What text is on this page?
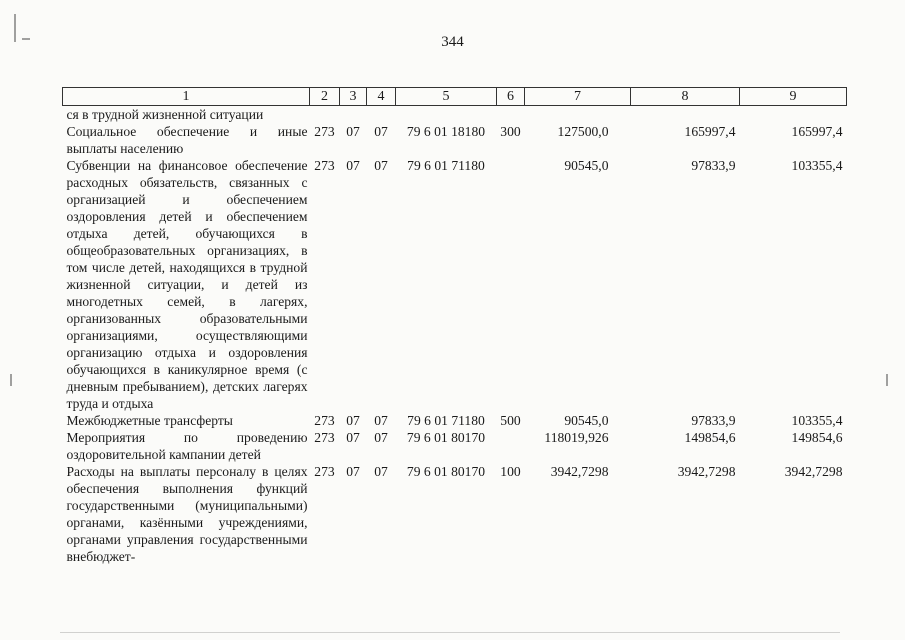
344
1	2	3	4	5	6	7	8	9
ся в трудной жизненной ситуации								
Социальное обеспечение и иные выплаты населению	273	07	07	79 6 01 18180	300	127500,0	165997,4	165997,4
Субвенции на финансовое обеспечение расходных обязательств, связанных с организацией и обеспечением оздоровления детей и обеспечением отдыха детей, обучающихся в общеобразовательных организациях, в том числе детей, находящихся в трудной жизненной ситуации, и детей из многодетных семей, в лагерях, организованных образовательными организациями, осуществляющими организацию отдыха и оздоровления обучающихся в каникулярное время (с дневным пребыванием), детских лагерях труда и отдыха	273	07	07	79 6 01 71180		90545,0	97833,9	103355,4
Межбюджетные трансферты	273	07	07	79 6 01 71180	500	90545,0	97833,9	103355,4
Мероприятия по проведению оздоровительной кампании детей	273	07	07	79 6 01 80170		118019,926	149854,6	149854,6
Расходы на выплаты персоналу в целях обеспечения выполнения функций государственными (муниципальными) органами, казёнными учреждениями, органами управления государственными внебюджет-	273	07	07	79 6 01 80170	100	3942,7298	3942,7298	3942,7298
